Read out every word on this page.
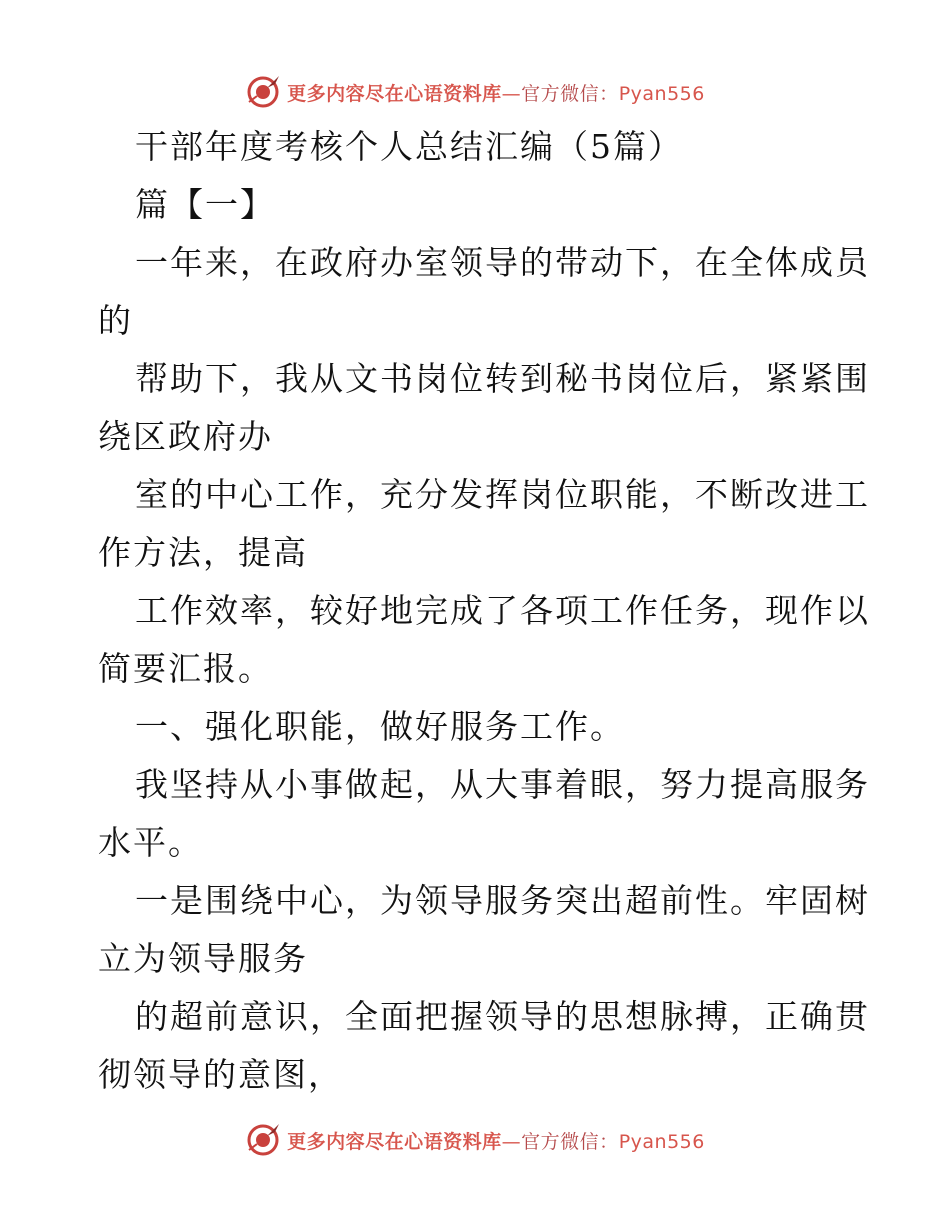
更多内容尽在心语资料库—官方微信：Pyan556
干部年度考核个人总结汇编（5篇）
篇【一】
一年来，在政府办室领导的带动下，在全体成员
的
帮助下，我从文书岗位转到秘书岗位后，紧紧围
绕区政府办
室的中心工作，充分发挥岗位职能，不断改进工
作方法，提高
工作效率，较好地完成了各项工作任务，现作以
简要汇报。
一、强化职能，做好服务工作。
我坚持从小事做起，从大事着眼，努力提高服务
水平。
一是围绕中心，为领导服务突出超前性。牢固树
立为领导服务
的超前意识，全面把握领导的思想脉搏，正确贯
彻领导的意图，
更多内容尽在心语资料库—官方微信：Pyan556
